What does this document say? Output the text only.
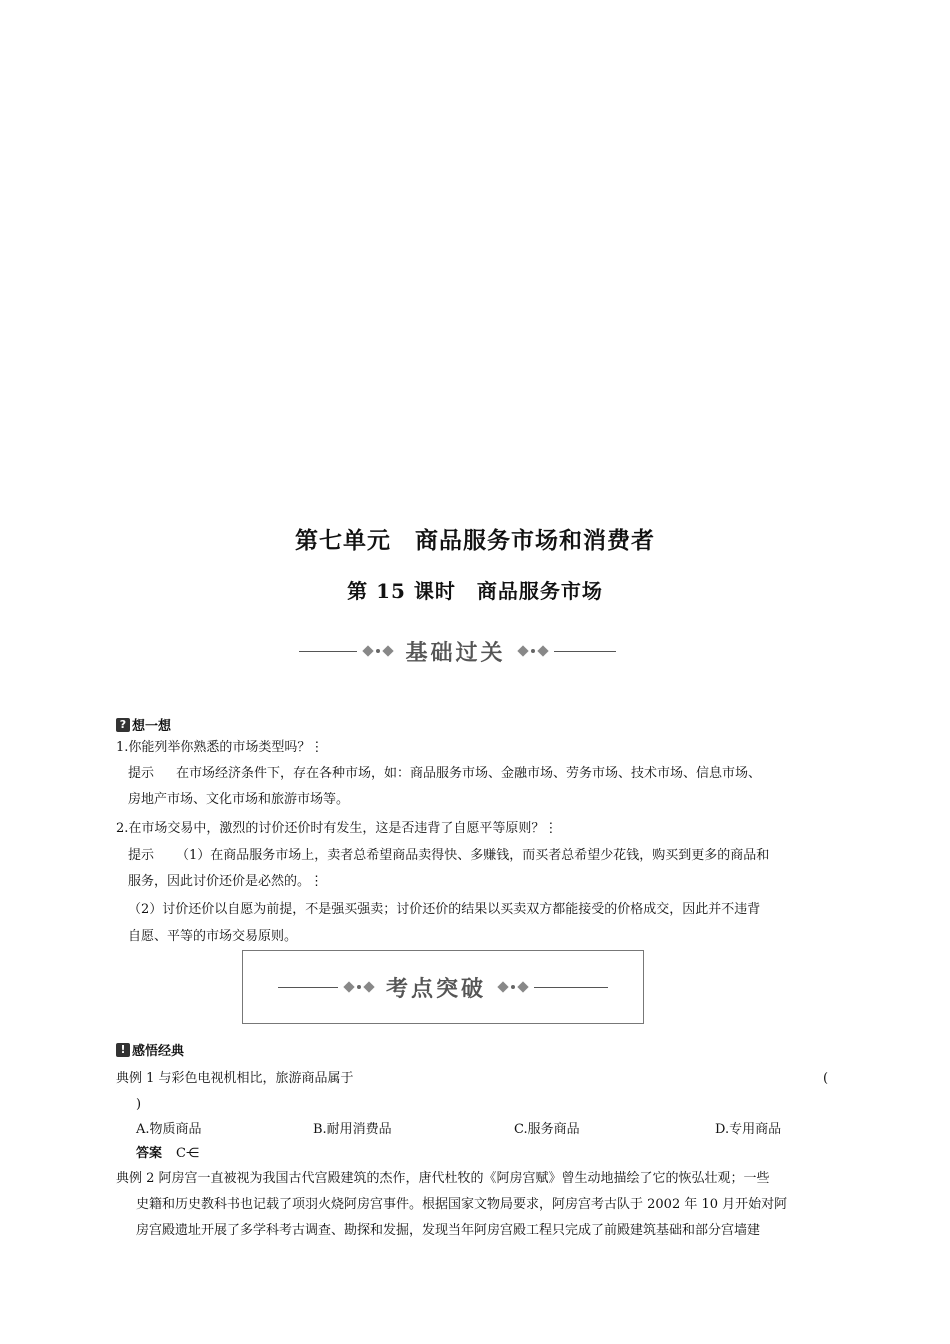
第七单元　商品服务市场和消费者
第 15 课时　商品服务市场
基础过关
? 想一想
1.你能列举你熟悉的市场类型吗？⋮
提示 在市场经济条件下，存在各种市场，如：商品服务市场、金融市场、劳务市场、技术市场、信息市场、
房地产市场、文化市场和旅游市场等。
2.在市场交易中，激烈的讨价还价时有发生，这是否违背了自愿平等原则？⋮
提示 （1）在商品服务市场上，卖者总希望商品卖得快、多赚钱，而买者总希望少花钱，购买到更多的商品和
服务，因此讨价还价是必然的。⋮
（2）讨价还价以自愿为前提，不是强买强卖；讨价还价的结果以买卖双方都能接受的价格成交，因此并不违背
自愿、平等的市场交易原则。
考点突破
! 感悟经典
典例 1 与彩色电视机相比，旅游商品属于	(
)
A.物质商品	B.耐用消费品	C.服务商品	D.专用商品
答案 C⋲
典例 2 阿房宫一直被视为我国古代宫殿建筑的杰作，唐代杜牧的《阿房宫赋》曾生动地描绘了它的恢弘壮观；一些
史籍和历史教科书也记载了项羽火烧阿房宫事件。根据国家文物局要求，阿房宫考古队于 2002 年 10 月开始对阿
房宫殿遗址开展了多学科考古调查、勘探和发掘，发现当年阿房宫殿工程只完成了前殿建筑基础和部分宫墙建
